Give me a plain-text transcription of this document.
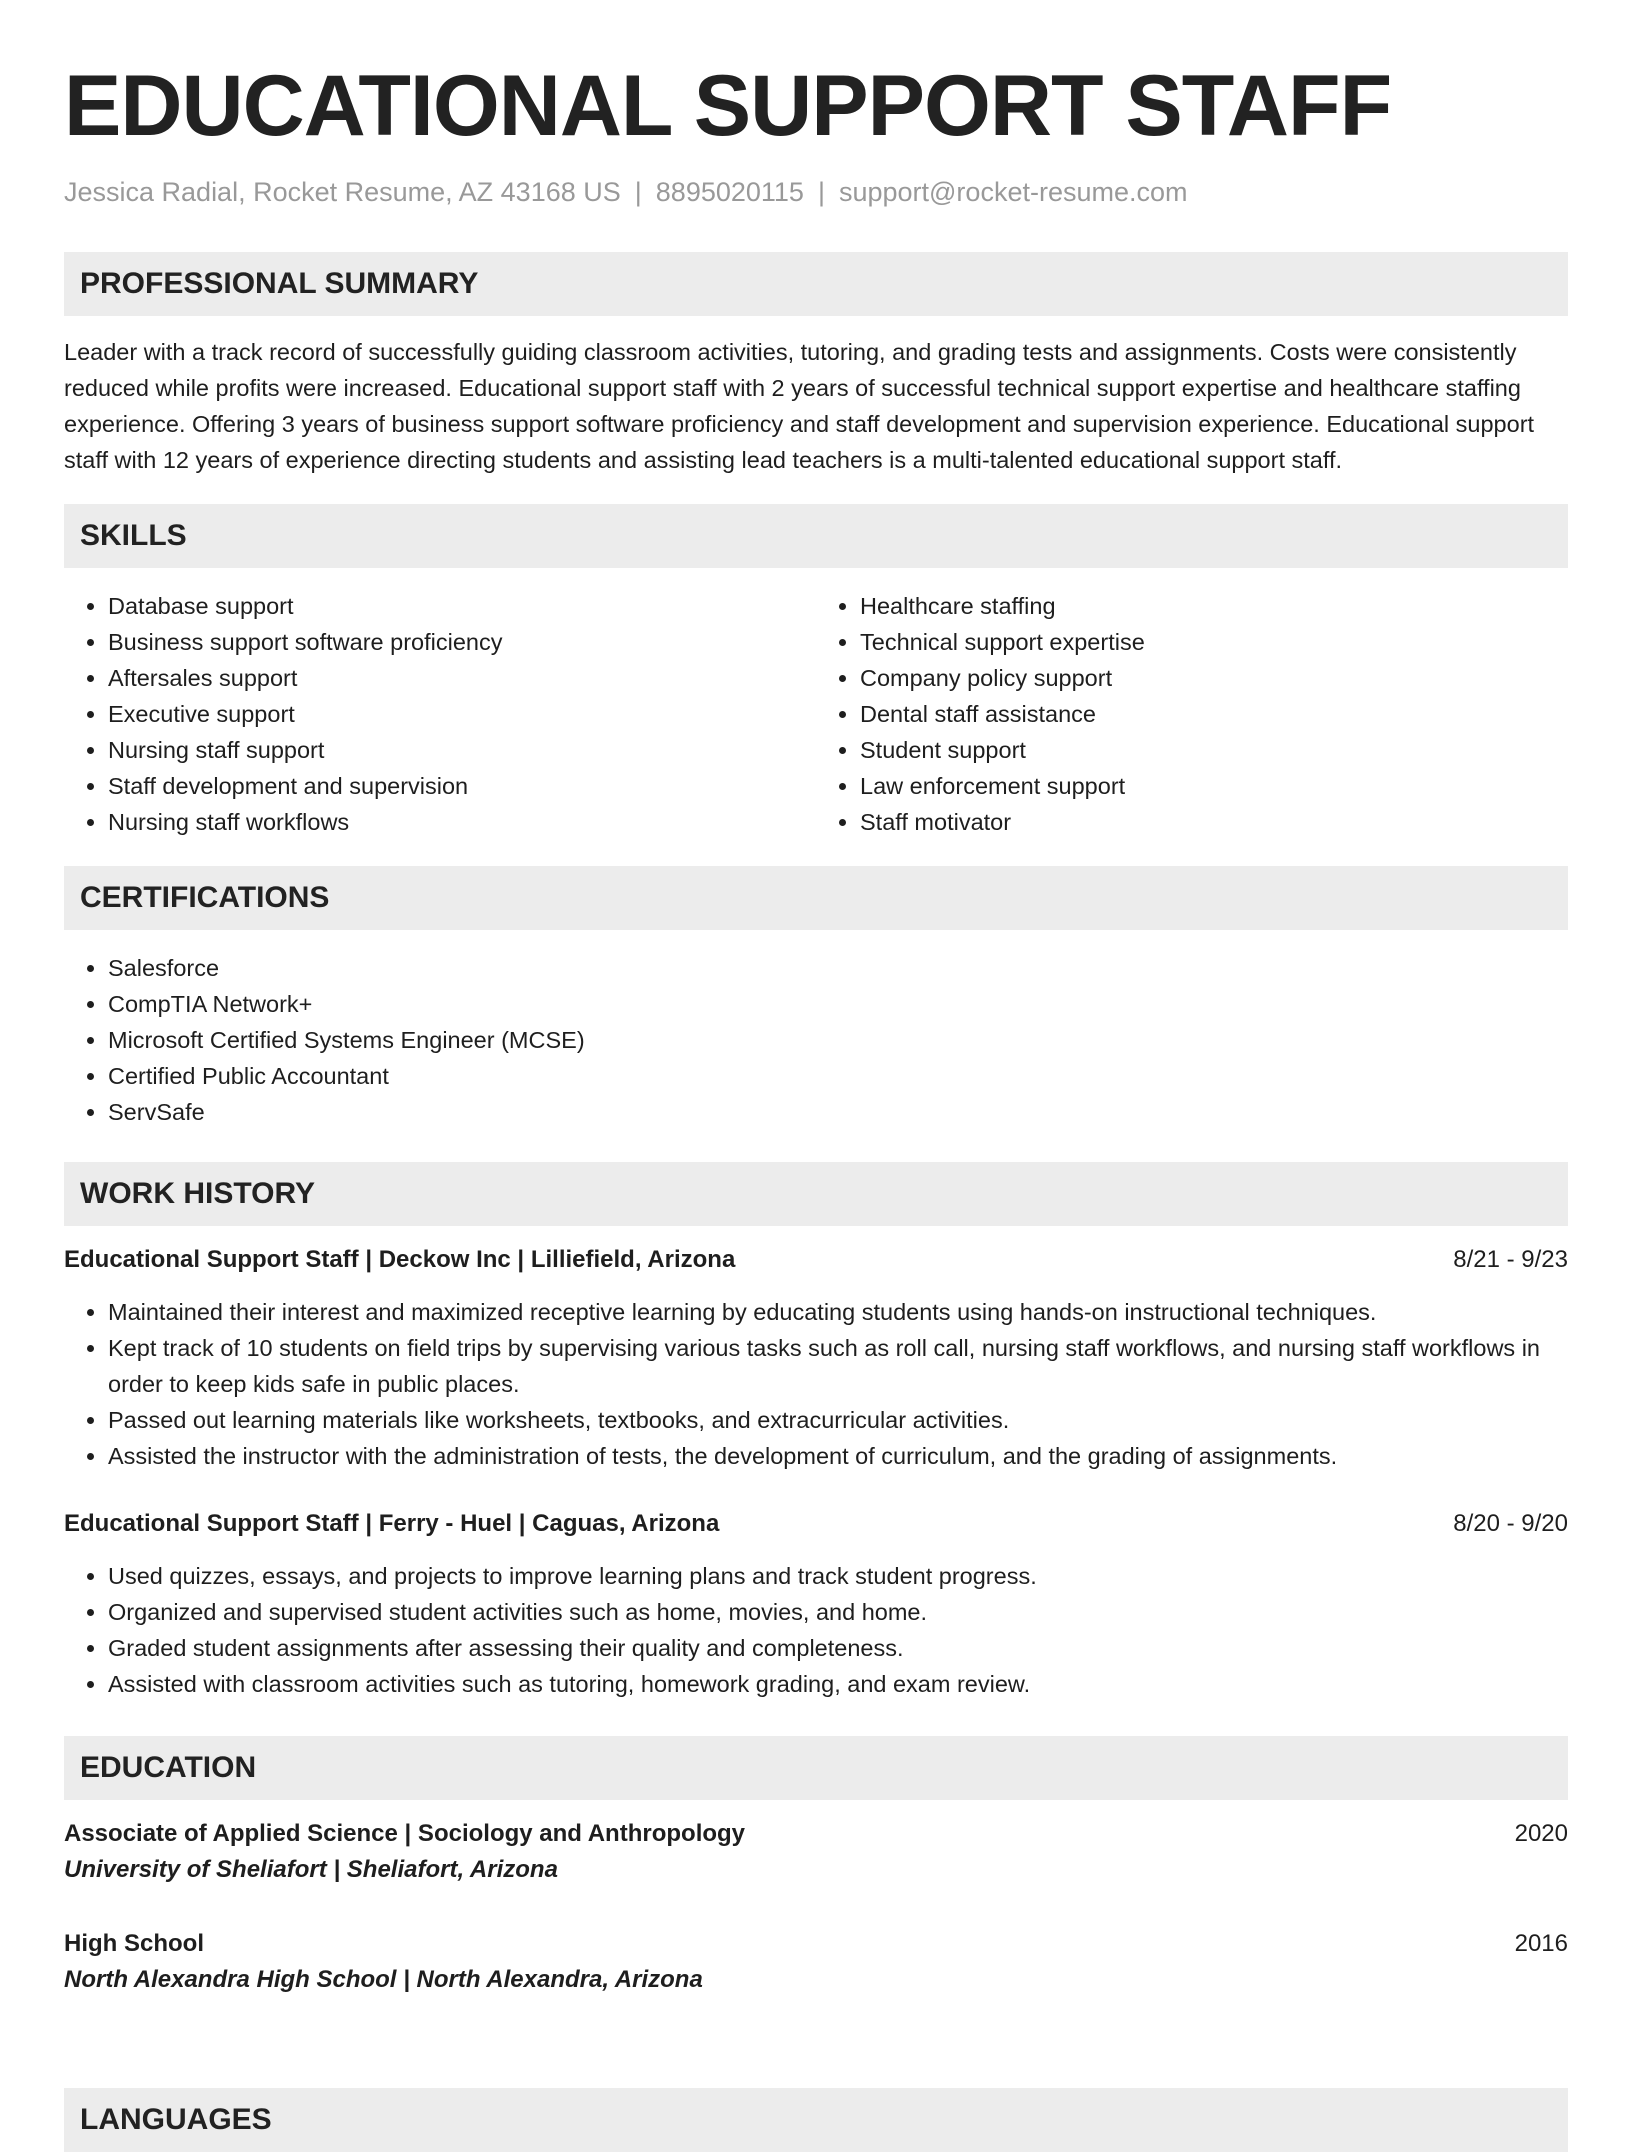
EDUCATIONAL SUPPORT STAFF
Jessica Radial, Rocket Resume, AZ 43168 US | 8895020115 | support@rocket-resume.com
PROFESSIONAL SUMMARY

Leader with a track record of successfully guiding classroom activities, tutoring, and grading tests and assignments. Costs were consistently reduced while profits were increased. Educational support staff with 2 years of successful technical support expertise and healthcare staffing experience. Offering 3 years of business support software proficiency and staff development and supervision experience. Educational support staff with 12 years of experience directing students and assisting lead teachers is a multi-talented educational support staff.

SKILLS
• Database support
• Business support software proficiency
• Aftersales support
• Executive support
• Nursing staff support
• Staff development and supervision
• Nursing staff workflows
• Healthcare staffing
• Technical support expertise
• Company policy support
• Dental staff assistance
• Student support
• Law enforcement support
• Staff motivator
CERTIFICATIONS
• Salesforce
• CompTIA Network+
• Microsoft Certified Systems Engineer (MCSE)
• Certified Public Accountant
• ServSafe
WORK HISTORY
Educational Support Staff | Deckow Inc | Lilliefield, Arizona	8/21 - 9/23
• Maintained their interest and maximized receptive learning by educating students using hands-on instructional techniques.
• Kept track of 10 students on field trips by supervising various tasks such as roll call, nursing staff workflows, and nursing staff workflows in order to keep kids safe in public places.
• Passed out learning materials like worksheets, textbooks, and extracurricular activities.
• Assisted the instructor with the administration of tests, the development of curriculum, and the grading of assignments.
Educational Support Staff | Ferry - Huel | Caguas, Arizona	8/20 - 9/20
• Used quizzes, essays, and projects to improve learning plans and track student progress.
• Organized and supervised student activities such as home, movies, and home.
• Graded student assignments after assessing their quality and completeness.
• Assisted with classroom activities such as tutoring, homework grading, and exam review.
EDUCATION
Associate of Applied Science | Sociology and Anthropology	2020
University of Sheliafort | Sheliafort, Arizona
High School	2016
North Alexandra High School | North Alexandra, Arizona
LANGUAGES
